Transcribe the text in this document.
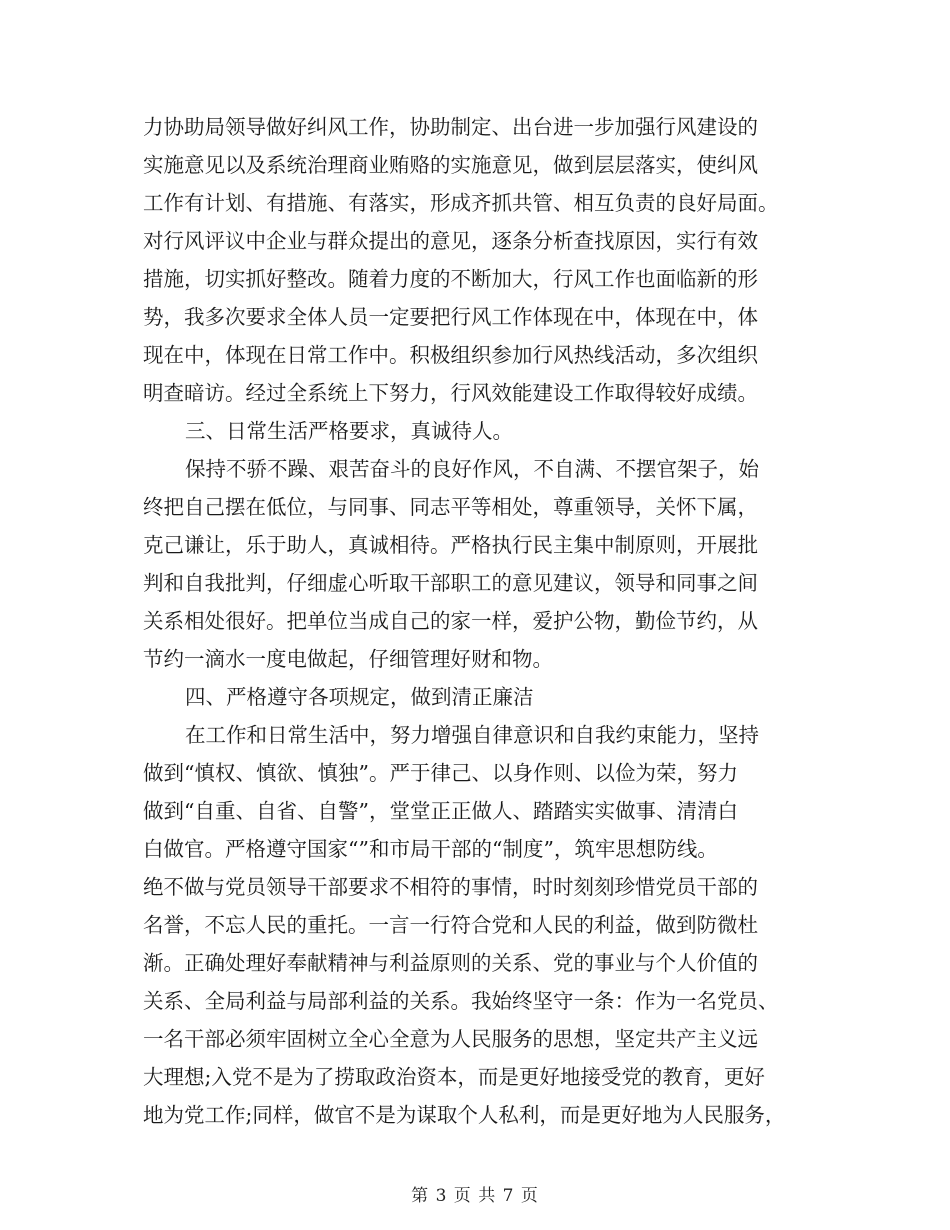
力协助局领导做好纠风工作，协助制定、出台进一步加强行风建设的
实施意见以及系统治理商业贿赂的实施意见，做到层层落实，使纠风
工作有计划、有措施、有落实，形成齐抓共管、相互负责的良好局面。
对行风评议中企业与群众提出的意见，逐条分析查找原因，实行有效
措施，切实抓好整改。随着力度的不断加大，行风工作也面临新的形
势，我多次要求全体人员一定要把行风工作体现在中，体现在中，体
现在中，体现在日常工作中。积极组织参加行风热线活动，多次组织
明查暗访。经过全系统上下努力，行风效能建设工作取得较好成绩。
三、日常生活严格要求，真诚待人。
保持不骄不躁、艰苦奋斗的良好作风，不自满、不摆官架子，始
终把自己摆在低位，与同事、同志平等相处，尊重领导，关怀下属，
克己谦让，乐于助人，真诚相待。严格执行民主集中制原则，开展批
判和自我批判，仔细虚心听取干部职工的意见建议，领导和同事之间
关系相处很好。把单位当成自己的家一样，爱护公物，勤俭节约，从
节约一滴水一度电做起，仔细管理好财和物。
四、严格遵守各项规定，做到清正廉洁
在工作和日常生活中，努力增强自律意识和自我约束能力，坚持
做到“慎权、慎欲、慎独”。严于律己、以身作则、以俭为荣，努力
做到“自重、自省、自警”，堂堂正正做人、踏踏实实做事、清清白
白做官。严格遵守国家“”和市局干部的“制度”，筑牢思想防线。
绝不做与党员领导干部要求不相符的事情，时时刻刻珍惜党员干部的
名誉，不忘人民的重托。一言一行符合党和人民的利益，做到防微杜
渐。正确处理好奉献精神与利益原则的关系、党的事业与个人价值的
关系、全局利益与局部利益的关系。我始终坚守一条：作为一名党员、
一名干部必须牢固树立全心全意为人民服务的思想，坚定共产主义远
大理想;入党不是为了捞取政治资本，而是更好地接受党的教育，更好
地为党工作;同样，做官不是为谋取个人私利，而是更好地为人民服务，
第 3 页 共 7 页
